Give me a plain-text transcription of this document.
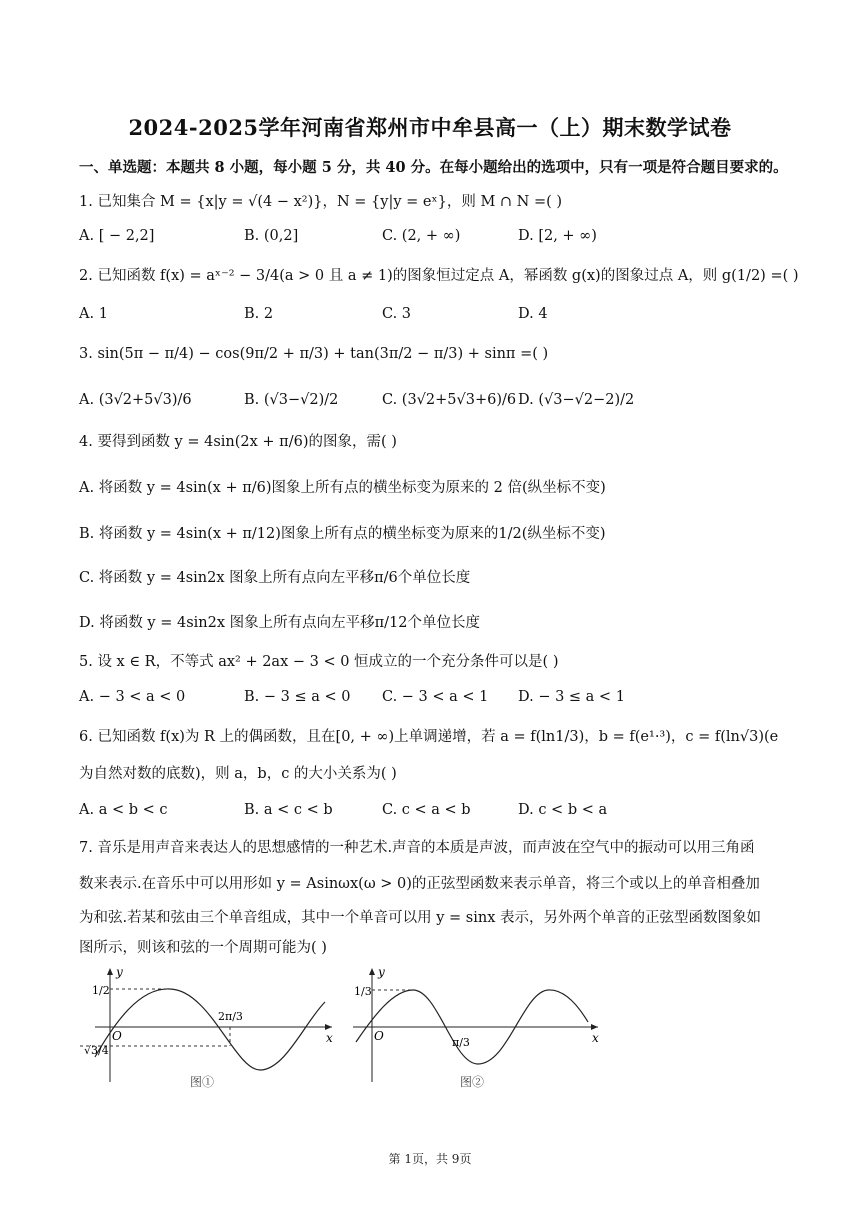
2024-2025学年河南省郑州市中牟县高一（上）期末数学试卷
一、单选题：本题共 8 小题，每小题 5 分，共 40 分。在每小题给出的选项中，只有一项是符合题目要求的。
1. 已知集合 M = {x|y = √(4 − x²)}，N = {y|y = eˣ}，则 M ∩ N =( )
A. [ − 2,2]	B. (0,2]	C. (2, + ∞)	D. [2, + ∞)
2. 已知函数 f(x) = aˣ⁻² − 3/4(a > 0 且 a ≠ 1)的图象恒过定点 A，幂函数 g(x)的图象过点 A，则 g(1/2) =( )
A. 1	B. 2	C. 3	D. 4
3. sin(5π − π/4) − cos(9π/2 + π/3) + tan(3π/2 − π/3) + sinπ =( )
A. (3√2+5√3)/6	B. (√3−√2)/2	C. (3√2+5√3+6)/6 D. (√3−√2−2)/2
4. 要得到函数 y = 4sin(2x + π/6)的图象，需( )
A. 将函数 y = 4sin(x + π/6)图象上所有点的横坐标变为原来的 2 倍(纵坐标不变)
B. 将函数 y = 4sin(x + π/12)图象上所有点的横坐标变为原来的1/2(纵坐标不变)
C. 将函数 y = 4sin2x 图象上所有点向左平移π/6个单位长度
D. 将函数 y = 4sin2x 图象上所有点向左平移π/12个单位长度
5. 设 x ∈ R，不等式 ax² + 2ax − 3 < 0 恒成立的一个充分条件可以是( )
A. − 3 < a < 0	B. − 3 ≤ a < 0 C. − 3 < a < 1 D. − 3 ≤ a < 1
6. 已知函数 f(x)为 R 上的偶函数，且在[0, + ∞)上单调递增，若 a = f(ln1/3)，b = f(e¹·³)，c = f(ln√3)(e
为自然对数的底数)，则 a，b，c 的大小关系为( )
A. a < b < c	B. a < c < b	C. c < a < b	D. c < b < a
7. 音乐是用声音来表达人的思想感情的一种艺术.声音的本质是声波，而声波在空气中的振动可以用三角函
数来表示.在音乐中可以用形如 y = Asinωx(ω > 0)的正弦型函数来表示单音，将三个或以上的单音相叠加
为和弦.若某和弦由三个单音组成，其中一个单音可以用 y = sinx 表示，另外两个单音的正弦型函数图象如
图所示，则该和弦的一个周期可能为( )
y
x
O
1/2
√3/4
2π/3
图①
y
x
O
1/3
π/3
图②
第 1页，共 9页
